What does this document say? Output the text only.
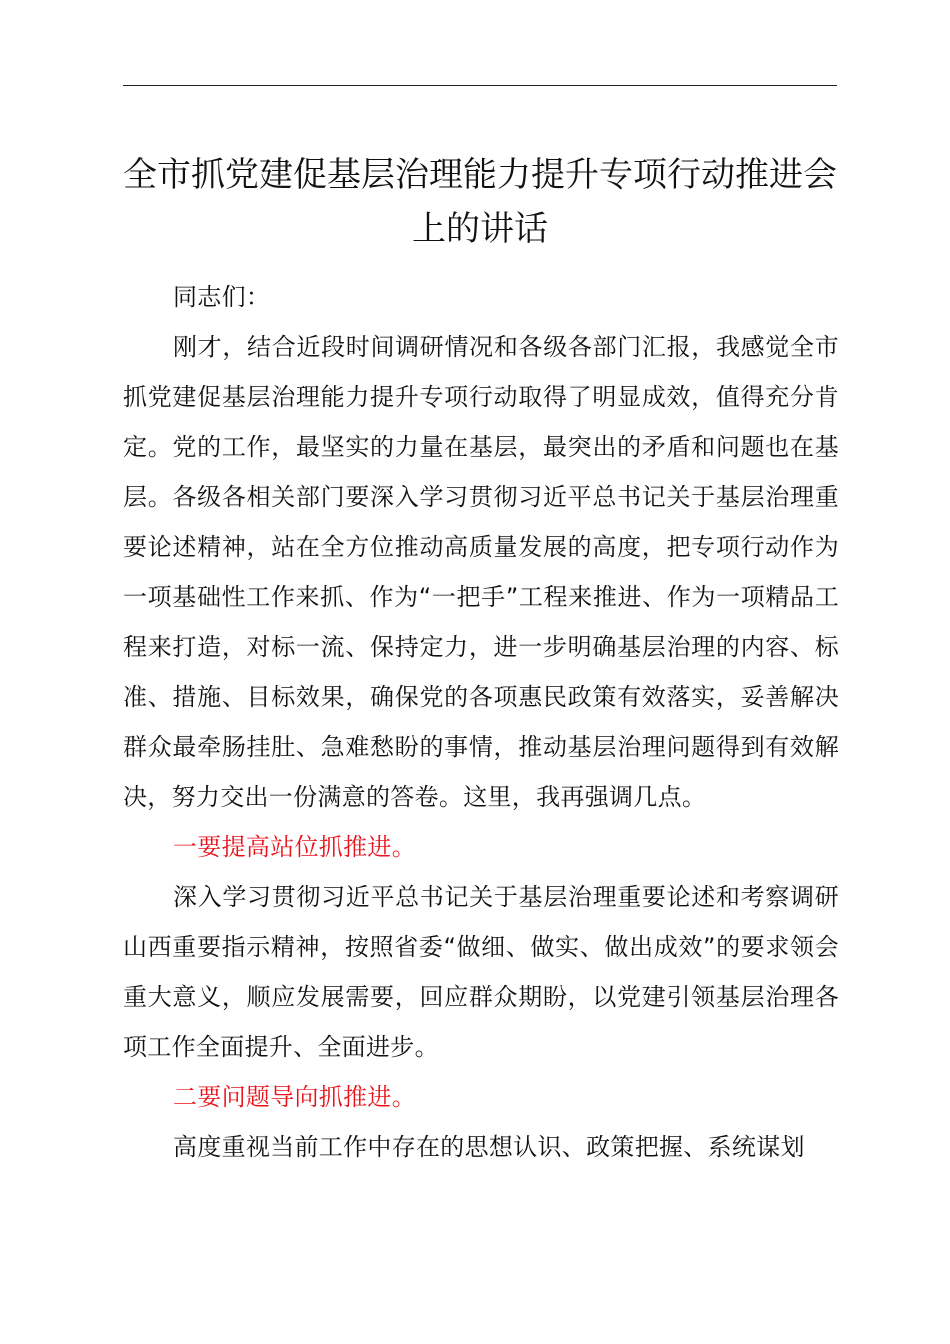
全市抓党建促基层治理能力提升专项行动推进会上的讲话

同志们：

刚才，结合近段时间调研情况和各级各部门汇报，我感觉全市抓党建促基层治理能力提升专项行动取得了明显成效，值得充分肯定。党的工作，最坚实的力量在基层，最突出的矛盾和问题也在基层。各级各相关部门要深入学习贯彻习近平总书记关于基层治理重要论述精神，站在全方位推动高质量发展的高度，把专项行动作为一项基础性工作来抓、作为“一把手”工程来推进、作为一项精品工程来打造，对标一流、保持定力，进一步明确基层治理的内容、标准、措施、目标效果，确保党的各项惠民政策有效落实，妥善解决群众最牵肠挂肚、急难愁盼的事情，推动基层治理问题得到有效解决，努力交出一份满意的答卷。这里，我再强调几点。

一要提高站位抓推进。

深入学习贯彻习近平总书记关于基层治理重要论述和考察调研山西重要指示精神，按照省委“做细、做实、做出成效”的要求领会重大意义，顺应发展需要，回应群众期盼，以党建引领基层治理各项工作全面提升、全面进步。

二要问题导向抓推进。

高度重视当前工作中存在的思想认识、政策把握、系统谋划
